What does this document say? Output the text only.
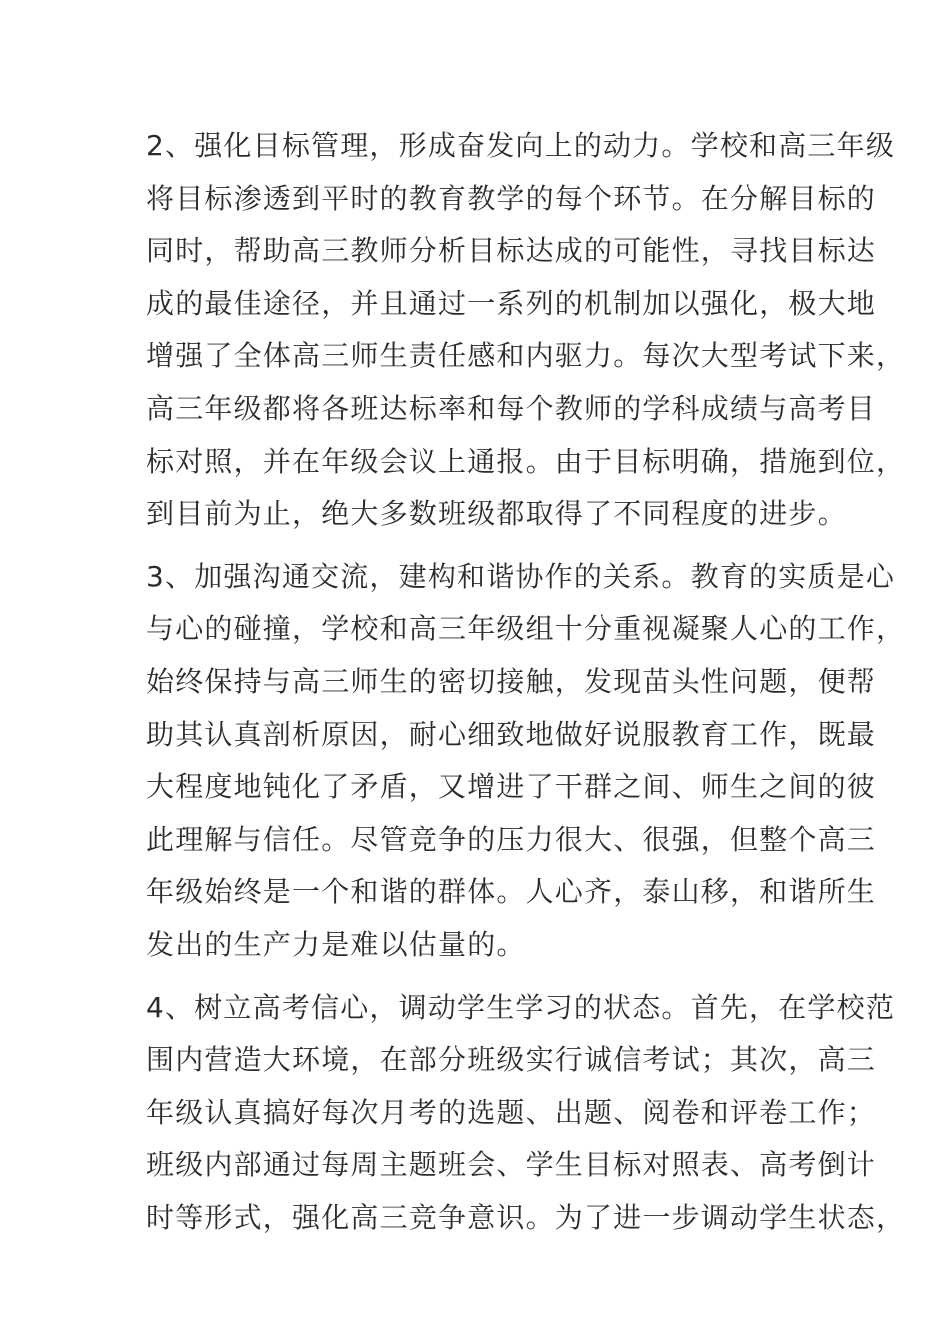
2、强化目标管理，形成奋发向上的动力。学校和高三年级
将目标渗透到平时的教育教学的每个环节。在分解目标的
同时，帮助高三教师分析目标达成的可能性，寻找目标达
成的最佳途径，并且通过一系列的机制加以强化，极大地
增强了全体高三师生责任感和内驱力。每次大型考试下来，
高三年级都将各班达标率和每个教师的学科成绩与高考目
标对照，并在年级会议上通报。由于目标明确，措施到位，
到目前为止，绝大多数班级都取得了不同程度的进步。
3、加强沟通交流，建构和谐协作的关系。教育的实质是心
与心的碰撞，学校和高三年级组十分重视凝聚人心的工作，
始终保持与高三师生的密切接触，发现苗头性问题，便帮
助其认真剖析原因，耐心细致地做好说服教育工作，既最
大程度地钝化了矛盾，又增进了干群之间、师生之间的彼
此理解与信任。尽管竞争的压力很大、很强，但整个高三
年级始终是一个和谐的群体。人心齐，泰山移，和谐所生
发出的生产力是难以估量的。
4、树立高考信心，调动学生学习的状态。首先，在学校范
围内营造大环境，在部分班级实行诚信考试；其次，高三
年级认真搞好每次月考的选题、出题、阅卷和评卷工作；
班级内部通过每周主题班会、学生目标对照表、高考倒计
时等形式，强化高三竞争意识。为了进一步调动学生状态，
